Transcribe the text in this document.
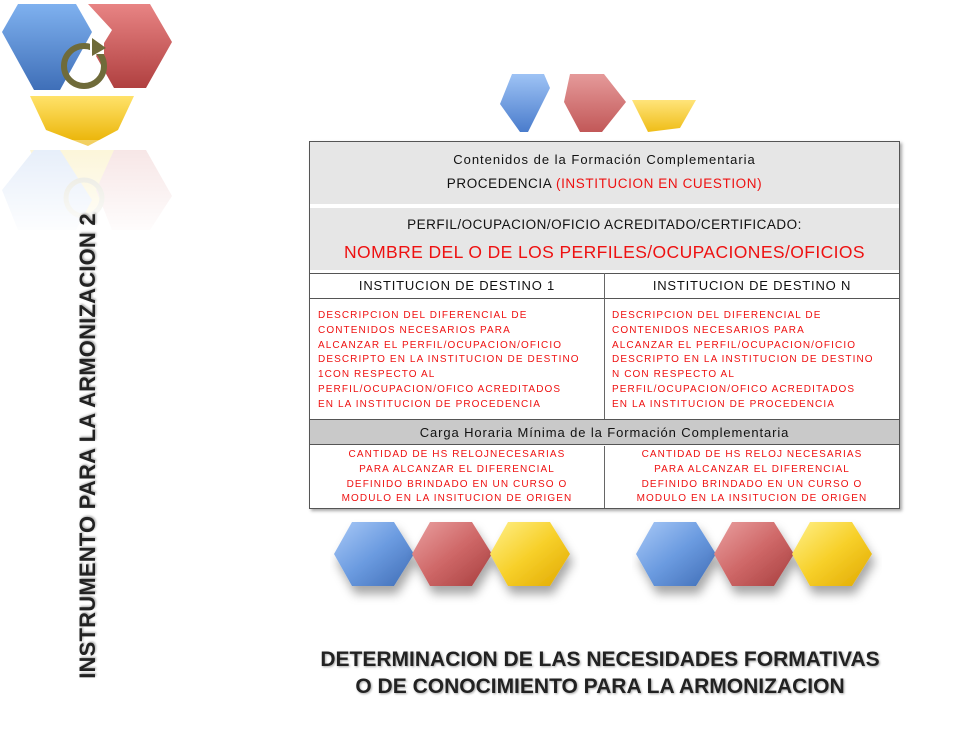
INSTRUMENTO PARA LA ARMONIZACION 2
Contenidos de la Formación Complementaria
PROCEDENCIA (INSTITUCION EN CUESTION)
PERFIL/OCUPACION/OFICIO ACREDITADO/CERTIFICADO:
NOMBRE DEL O DE LOS PERFILES/OCUPACIONES/OFICIOS
INSTITUCION DE DESTINO 1	INSTITUCION DE DESTINO N
DESCRIPCION DEL DIFERENCIAL DE
CONTENIDOS NECESARIOS PARA
ALCANZAR EL PERFIL/OCUPACION/OFICIO
DESCRIPTO EN LA INSTITUCION DE DESTINO
1CON RESPECTO AL
PERFIL/OCUPACION/OFICO ACREDITADOS
EN LA INSTITUCION DE PROCEDENCIA
DESCRIPCION DEL DIFERENCIAL DE
CONTENIDOS NECESARIOS PARA
ALCANZAR EL PERFIL/OCUPACION/OFICIO
DESCRIPTO EN LA INSTITUCION DE DESTINO
N CON RESPECTO AL
PERFIL/OCUPACION/OFICO ACREDITADOS
EN LA INSTITUCION DE PROCEDENCIA
Carga Horaria Mínima de la Formación Complementaria
CANTIDAD DE HS RELOJNECESARIAS
PARA ALCANZAR EL DIFERENCIAL
DEFINIDO BRINDADO EN UN CURSO O
MODULO EN LA INSITUCION DE ORIGEN
CANTIDAD DE HS RELOJ NECESARIAS
PARA ALCANZAR EL DIFERENCIAL
DEFINIDO BRINDADO EN UN CURSO O
MODULO EN LA INSITUCION DE ORIGEN
DETERMINACION DE LAS NECESIDADES FORMATIVAS
O DE CONOCIMIENTO PARA LA ARMONIZACION
